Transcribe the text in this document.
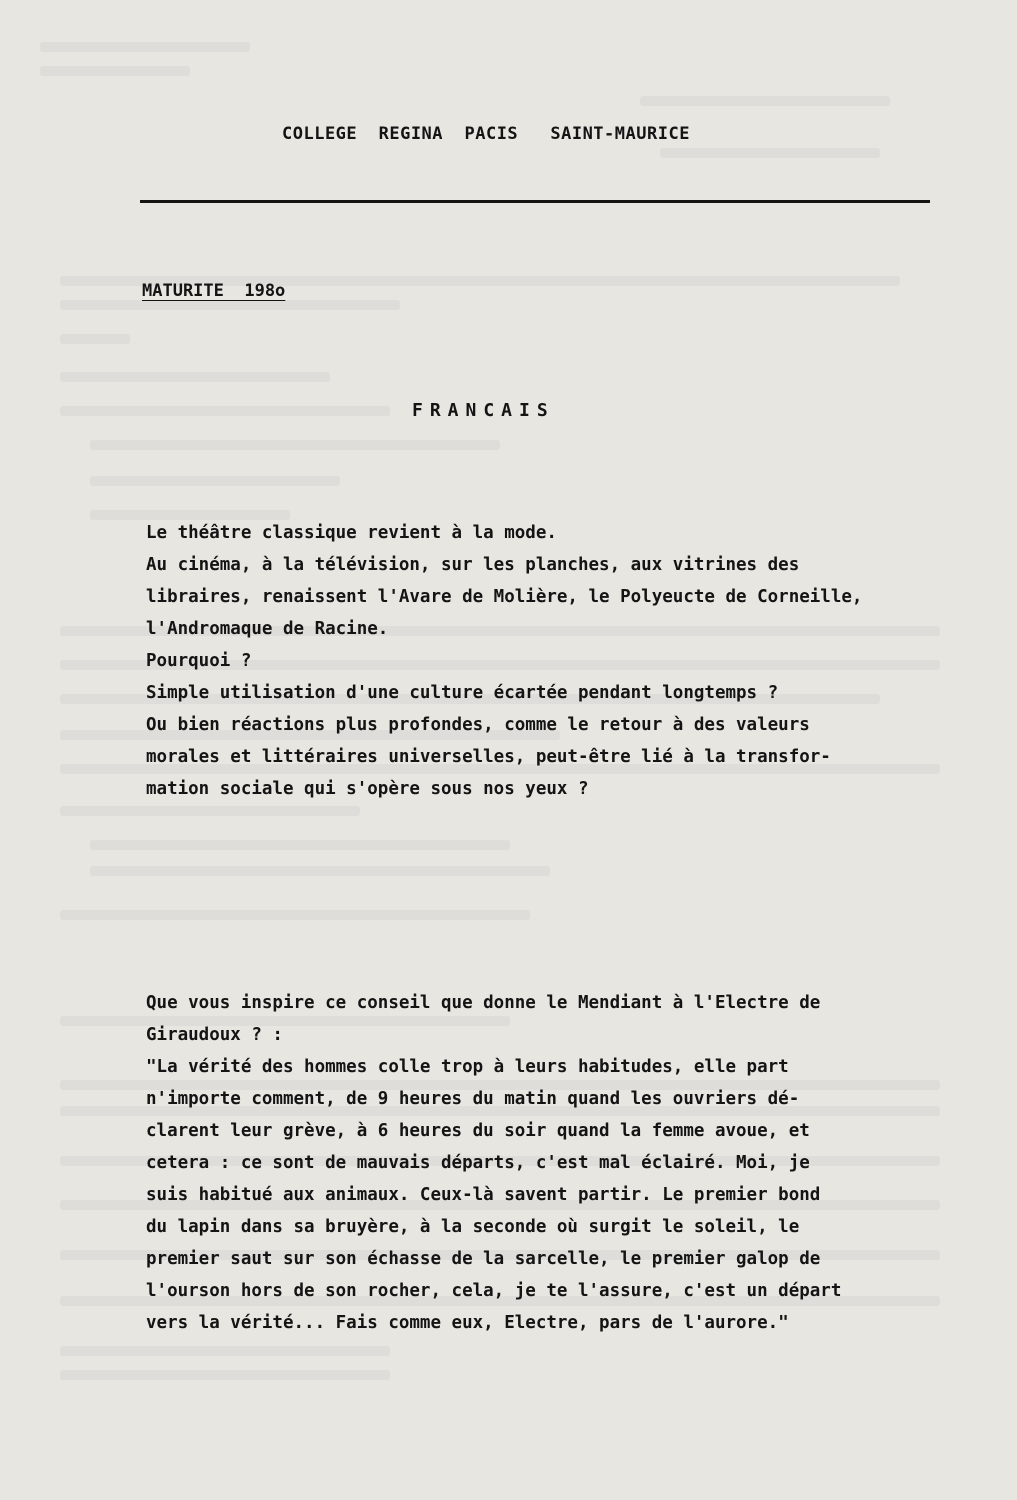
COLLEGE  REGINA  PACIS   SAINT-MAURICE
MATURITE  198o
FRANCAIS
Le théâtre classique revient à la mode.
Au cinéma, à la télévision, sur les planches, aux vitrines des
libraires, renaissent l'Avare de Molière, le Polyeucte de Corneille,
l'Andromaque de Racine.
Pourquoi ?
Simple utilisation d'une culture écartée pendant longtemps ?
Ou bien réactions plus profondes, comme le retour à des valeurs
morales et littéraires universelles, peut-être lié à la transfor-
mation sociale qui s'opère sous nos yeux ?
Que vous inspire ce conseil que donne le Mendiant à l'Electre de
Giraudoux ? :
"La vérité des hommes colle trop à leurs habitudes, elle part
n'importe comment, de 9 heures du matin quand les ouvriers dé-
clarent leur grève, à 6 heures du soir quand la femme avoue, et
cetera : ce sont de mauvais départs, c'est mal éclairé. Moi, je
suis habitué aux animaux. Ceux-là savent partir. Le premier bond
du lapin dans sa bruyère, à la seconde où surgit le soleil, le
premier saut sur son échasse de la sarcelle, le premier galop de
l'ourson hors de son rocher, cela, je te l'assure, c'est un départ
vers la vérité... Fais comme eux, Electre, pars de l'aurore."
